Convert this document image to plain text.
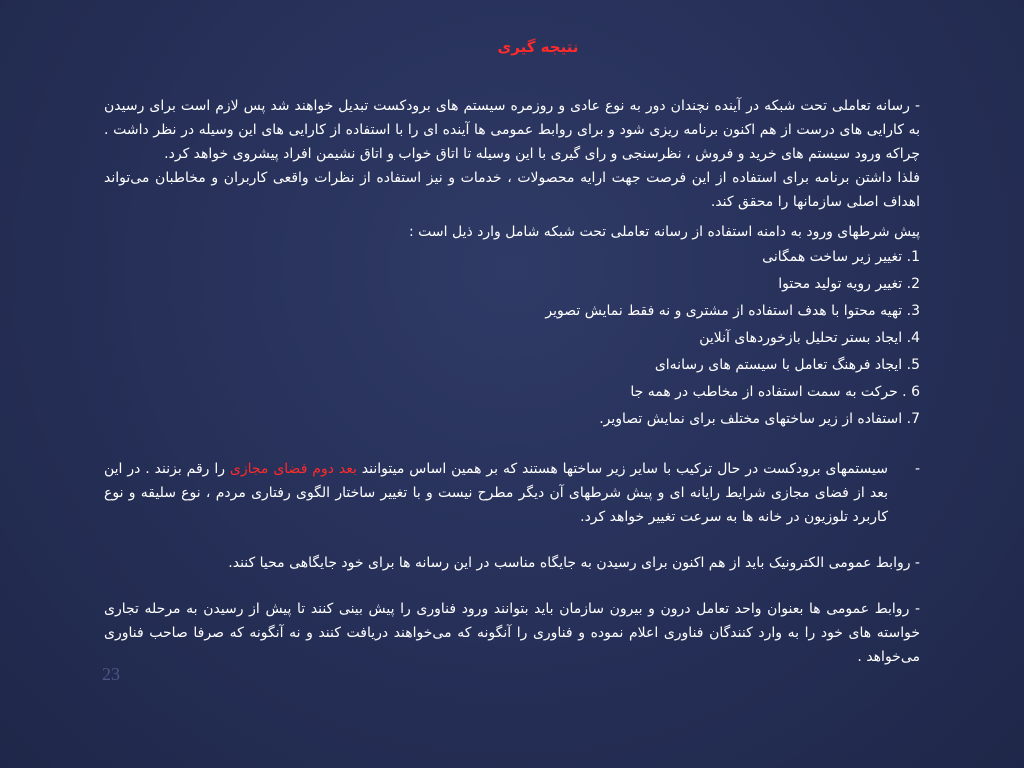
نتیجه گیری

- رسانه تعاملی تحت شبکه در آینده نچندان دور به نوع عادی و روزمره سیستم های برودکست تبدیل خواهند شد پس لازم است برای رسیدن به کارایی های درست از هم اکنون برنامه ریزی شود و برای روابط عمومی ها آینده ای را با استفاده از کارایی های این وسیله در نظر داشت . چراکه ورود سیستم های خرید و فروش ، نظرسنجی و رای گیری با این وسیله تا اتاق خواب و اتاق نشیمن افراد پیشروی خواهد کرد.

فلذا داشتن برنامه برای استفاده از این فرصت جهت ارایه محصولات ، خدمات و نیز استفاده از نظرات واقعی کاربران و مخاطبان می‌تواند اهداف اصلی سازمانها را محقق کند.

پیش شرطهای ورود به دامنه استفاده از رسانه تعاملی تحت شبکه شامل وارد ذیل است :

1. تغییر زیر ساخت همگانی

2. تغییر رویه تولید محتوا

3. تهیه محتوا با هدف استفاده از مشتری و نه فقط نمایش تصویر

4. ایجاد بستر تحلیل بازخوردهای آنلاین

5. ایجاد فرهنگ تعامل با سیستم های رسانه‌ای

6 . حرکت به سمت استفاده از مخاطب در همه جا

7. استفاده از زیر ساختهای مختلف برای نمایش تصاویر.

-
سیستمهای برودکست در حال ترکیب با سایر زیر ساختها هستند که بر همین اساس میتوانند بعد دوم فضای مجازی را رقم بزنند . در این بعد از فضای مجازی شرایط رایانه ای و پیش شرطهای آن دیگر مطرح نیست و با تغییر ساختار الگوی رفتاری مردم ، نوع سلیقه و نوع کاربرد تلوزیون در خانه ها به سرعت تغییر خواهد کرد.

- روابط عمومی الکترونیک باید از هم اکنون برای رسیدن به جایگاه مناسب در این رسانه ها برای خود جایگاهی محیا کنند.

- روابط عمومی ها بعنوان واحد تعامل درون و بیرون سازمان باید بتوانند ورود فناوری را پیش بینی کنند تا پیش از رسیدن به مرحله تجاری خواسته های خود را به وارد کنندگان فناوری اعلام نموده و فناوری را آنگونه که می‌خواهند دریافت کنند و نه آنگونه که صرفا صاحب فناوری می‌خواهد .

23
